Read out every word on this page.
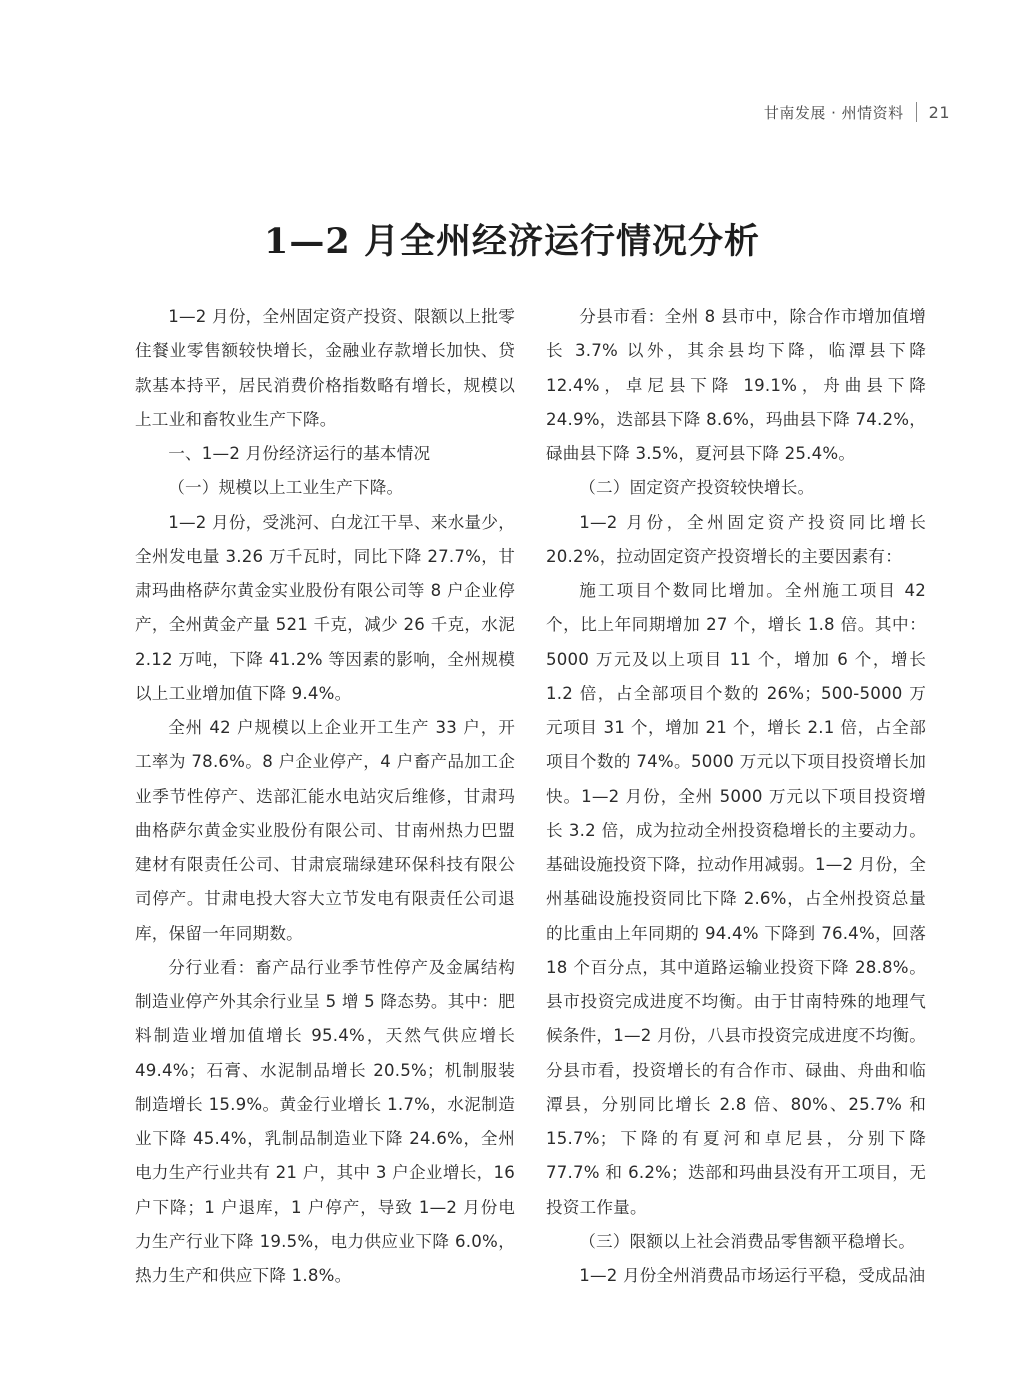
甘南发展 · 州情资料 21
1—2 月全州经济运行情况分析

1—2 月份，全州固定资产投资、限额以上批零住餐业零售额较快增长，金融业存款增长加快、贷款基本持平，居民消费价格指数略有增长，规模以上工业和畜牧业生产下降。

一、1—2 月份经济运行的基本情况

（一）规模以上工业生产下降。

1—2 月份，受洮河、白龙江干旱、来水量少，全州发电量 3.26 万千瓦时，同比下降 27.7%，甘肃玛曲格萨尔黄金实业股份有限公司等 8 户企业停产，全州黄金产量 521 千克，减少 26 千克，水泥 2.12 万吨，下降 41.2% 等因素的影响，全州规模以上工业增加值下降 9.4%。

全州 42 户规模以上企业开工生产 33 户，开工率为 78.6%。8 户企业停产，4 户畜产品加工企业季节性停产、迭部汇能水电站灾后维修，甘肃玛曲格萨尔黄金实业股份有限公司、甘南州热力巴盟建材有限责任公司、甘肃宸瑞绿建环保科技有限公司停产。甘肃电投大容大立节发电有限责任公司退库，保留一年同期数。

分行业看：畜产品行业季节性停产及金属结构制造业停产外其余行业呈 5 增 5 降态势。其中：肥料制造业增加值增长 95.4%，天然气供应增长 49.4%；石膏、水泥制品增长 20.5%；机制服装制造增长 15.9%。黄金行业增长 1.7%，水泥制造业下降 45.4%，乳制品制造业下降 24.6%，全州电力生产行业共有 21 户，其中 3 户企业增长，16 户下降；1 户退库，1 户停产，导致 1—2 月份电力生产行业下降 19.5%，电力供应业下降 6.0%，热力生产和供应下降 1.8%。

分县市看：全州 8 县市中，除合作市增加值增长 3.7% 以外，其余县均下降，临潭县下降 12.4%，卓尼县下降 19.1%，舟曲县下降 24.9%，迭部县下降 8.6%，玛曲县下降 74.2%，碌曲县下降 3.5%，夏河县下降 25.4%。

（二）固定资产投资较快增长。

1—2 月份，全州固定资产投资同比增长 20.2%，拉动固定资产投资增长的主要因素有：

施工项目个数同比增加。全州施工项目 42 个，比上年同期增加 27 个，增长 1.8 倍。其中：5000 万元及以上项目 11 个，增加 6 个，增长 1.2 倍，占全部项目个数的 26%；500-5000 万元项目 31 个，增加 21 个，增长 2.1 倍，占全部项目个数的 74%。5000 万元以下项目投资增长加快。1—2 月份，全州 5000 万元以下项目投资增长 3.2 倍，成为拉动全州投资稳增长的主要动力。基础设施投资下降，拉动作用减弱。1—2 月份，全州基础设施投资同比下降 2.6%，占全州投资总量的比重由上年同期的 94.4% 下降到 76.4%，回落 18 个百分点，其中道路运输业投资下降 28.8%。县市投资完成进度不均衡。由于甘南特殊的地理气候条件，1—2 月份，八县市投资完成进度不均衡。分县市看，投资增长的有合作市、碌曲、舟曲和临潭县，分别同比增长 2.8 倍、80%、25.7% 和 15.7%；下降的有夏河和卓尼县，分别下降 77.7% 和 6.2%；迭部和玛曲县没有开工项目，无投资工作量。

（三）限额以上社会消费品零售额平稳增长。

1—2 月份全州消费品市场运行平稳，受成品油
